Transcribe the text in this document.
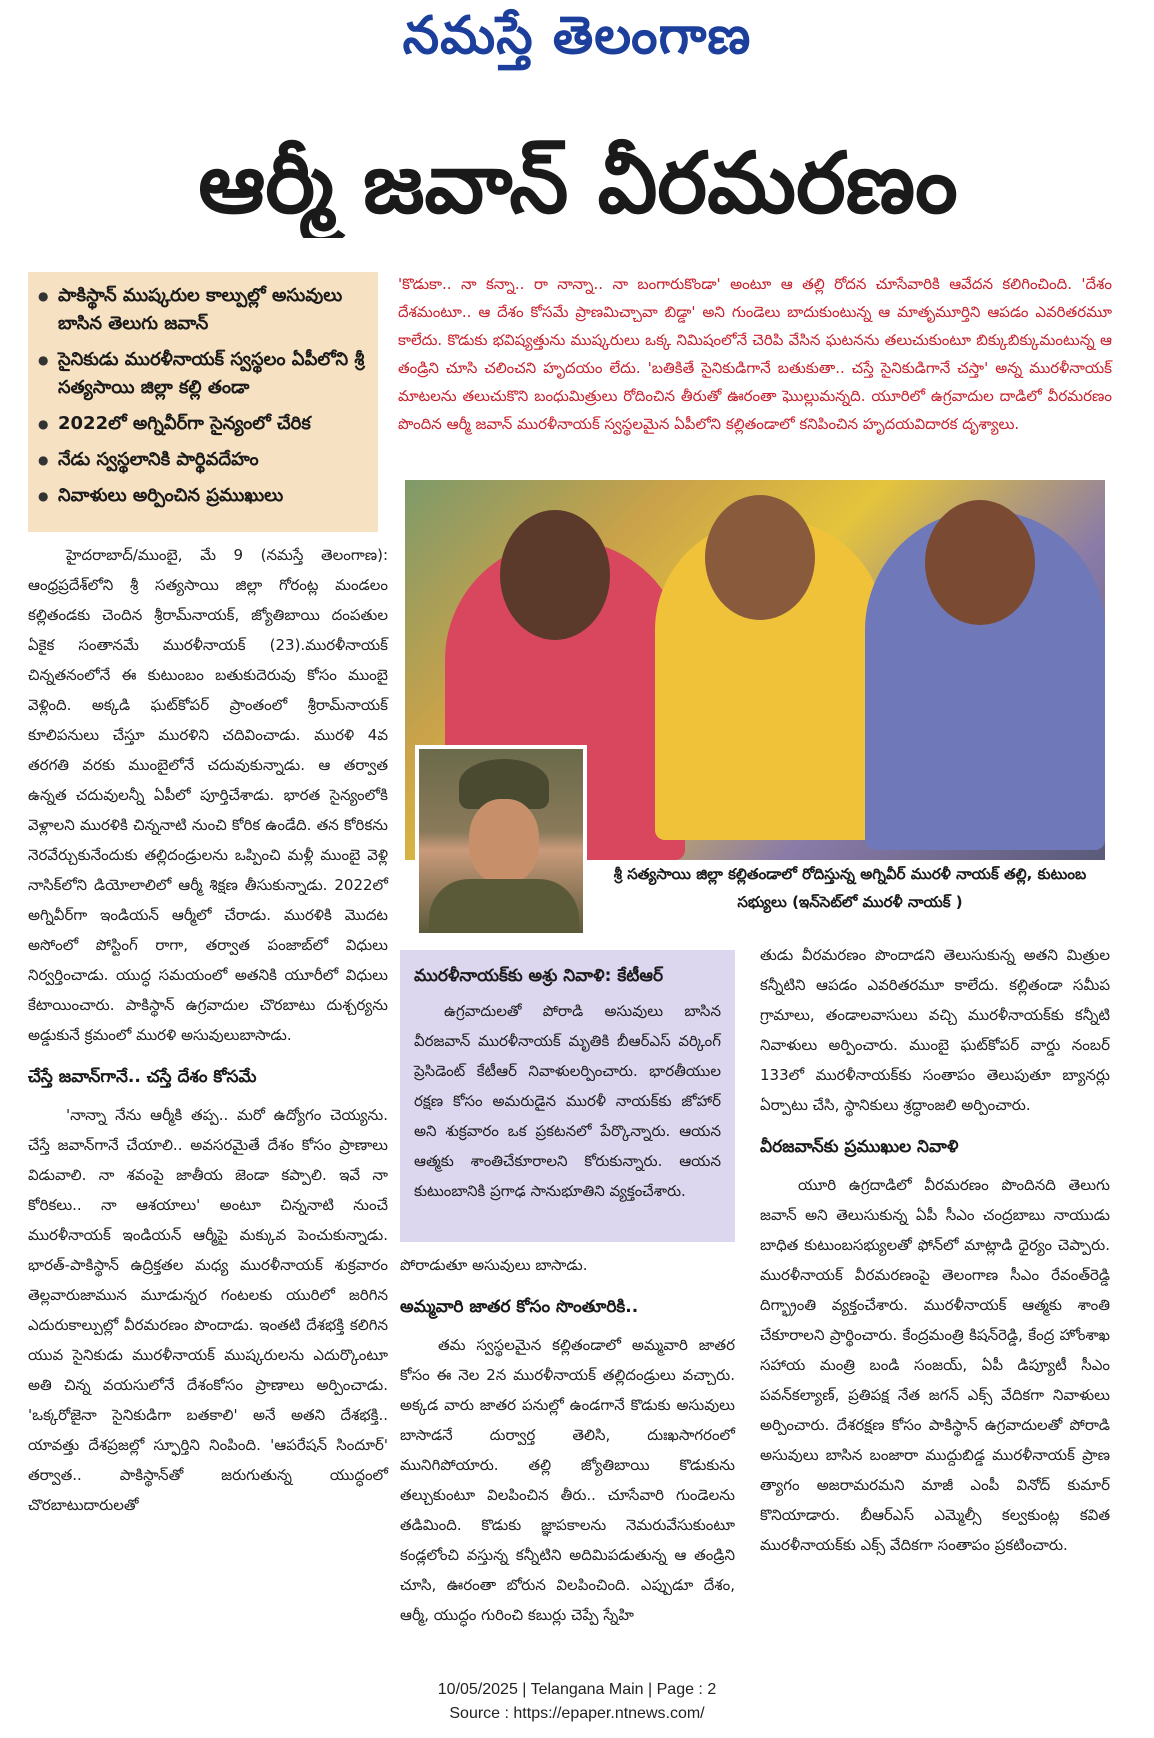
నమస్తే తెలంగాణ
ఆర్మీ జవాన్ వీరమరణం
● పాకిస్థాన్ ముష్కరుల కాల్పుల్లో అసువులు బాసిన తెలుగు జవాన్
● సైనికుడు మురళీనాయక్ స్వస్థలం ఏపీలోని శ్రీ సత్యసాయి జిల్లా కల్లి తండా
● 2022లో అగ్నివీర్‌గా సైన్యంలో చేరిక
● నేడు స్వస్థలానికి పార్థివదేహం
● నివాళులు అర్పించిన ప్రముఖులు
'కొడుకా.. నా కన్నా.. రా నాన్నా.. నా బంగారుకొండా' అంటూ ఆ తల్లి రోదన చూసేవారికి ఆవేదన కలిగించింది. 'దేశం దేశమంటూ.. ఆ దేశం కోసమే ప్రాణమిచ్చావా బిడ్డా' అని గుండెలు బాదుకుంటున్న ఆ మాతృమూర్తిని ఆపడం ఎవరితరమూ కాలేదు. కొడుకు భవిష్యత్తును ముష్కరులు ఒక్క నిమిషంలోనే చెరిపి వేసిన ఘటనను తలుచుకుంటూ బిక్కుబిక్కుమంటున్న ఆ తండ్రిని చూసి చలించని హృదయం లేదు. 'బతికితే సైనికుడిగానే బతుకుతా.. చస్తే సైనికుడిగానే చస్తా' అన్న మురళీనాయక్ మాటలను తలుచుకొని బంధుమిత్రులు రోదించిన తీరుతో ఊరంతా ఘొల్లుమన్నది. యూరిలో ఉగ్రవాదుల దాడిలో వీరమరణం పొందిన ఆర్మీ జవాన్ మురళీనాయక్ స్వస్థలమైన ఏపీలోని కల్లితండాలో కనిపించిన హృదయవిదారక దృశ్యాలు.
శ్రీ సత్యసాయి జిల్లా కల్లితండాలో రోదిస్తున్న అగ్నివీర్ మురళీ నాయక్ తల్లి, కుటుంబ సభ్యులు (ఇన్‌సెట్‌లో మురళీ నాయక్ )
హైదరాబాద్/ముంబై, మే 9 (నమస్తే తెలంగాణ): ఆంధ్రప్రదేశ్‌లోని శ్రీ సత్యసాయి జిల్లా గోరంట్ల మండలం కల్లితండకు చెందిన శ్రీరామ్‌నాయక్, జ్యోతిబాయి దంపతుల ఏకైక సంతానమే మురళీనాయక్ (23).మురళీనాయక్ చిన్నతనంలోనే ఈ కుటుంబం బతుకుదెరువు కోసం ముంబై వెళ్లింది. అక్కడి ఘట్‌కోపర్ ప్రాంతంలో శ్రీరామ్‌నాయక్ కూలిపనులు చేస్తూ మురళిని చదివించాడు. మురళి 4వ తరగతి వరకు ముంబైలోనే చదువుకున్నాడు. ఆ తర్వాత ఉన్నత చదువులన్నీ ఏపీలో పూర్తిచేశాడు. భారత సైన్యంలోకి వెళ్లాలని మురళికి చిన్ననాటి నుంచి కోరిక ఉండేది. తన కోరికను నెరవేర్చుకునేందుకు తల్లిదండ్రులను ఒప్పించి మళ్లీ ముంబై వెళ్లి నాసిక్‌లోని డియోలాలిలో ఆర్మీ శిక్షణ తీసుకున్నాడు. 2022లో అగ్నివీర్‌గా ఇండియన్ ఆర్మీలో చేరాడు. మురళికి మొదట అసోంలో పోస్టింగ్ రాగా, తర్వాత పంజాబ్‌లో విధులు నిర్వర్తించాడు. యుద్ధ సమయంలో అతనికి యూరీలో విధులు కేటాయించారు. పాకిస్థాన్ ఉగ్రవాదుల చొరబాటు దుశ్చర్యను అడ్డుకునే క్రమంలో మురళి అసువులుబాసాడు.
చేస్తే జవాన్‌గానే.. చస్తే దేశం కోసమే
'నాన్నా నేను ఆర్మీకి తప్ప.. మరో ఉద్యోగం చెయ్యను. చేస్తే జవాన్‌గానే చేయాలి.. అవసరమైతే దేశం కోసం ప్రాణాలు విడువాలి. నా శవంపై జాతీయ జెండా కప్పాలి. ఇవే నా కోరికలు.. నా ఆశయాలు' అంటూ చిన్ననాటి నుంచే మురళీనాయక్ ఇండియన్ ఆర్మీపై మక్కువ పెంచుకున్నాడు. భారత్-పాకిస్థాన్ ఉద్రిక్తతల మధ్య మురళీనాయక్ శుక్రవారం తెల్లవారుజామున మూడున్నర గంటలకు యురిలో జరిగిన ఎదురుకాల్పుల్లో వీరమరణం పొందాడు. ఇంతటి దేశభక్తి కలిగిన యువ సైనికుడు మురళీనాయక్ ముష్కరులను ఎదుర్కొంటూ అతి చిన్న వయసులోనే దేశంకోసం ప్రాణాలు అర్పించాడు. 'ఒక్కరోజైనా సైనికుడిగా బతకాలి' అనే అతని దేశభక్తి.. యావత్తు దేశప్రజల్లో స్ఫూర్తిని నింపింది. 'ఆపరేషన్ సిందూర్' తర్వాత.. పాకిస్థాన్‌తో జరుగుతున్న యుద్ధంలో చొరబాటుదారులతో
మురళీనాయక్‌కు అశ్రు నివాళి: కేటీఆర్
ఉగ్రవాదులతో పోరాడి అసువులు బాసిన వీరజవాన్ మురళీనాయక్ మృతికి బీఆర్‌ఎస్ వర్కింగ్ ప్రెసిడెంట్ కేటీఆర్ నివాళులర్పించారు. భారతీయుల రక్షణ కోసం అమరుడైన మురళీ నాయక్‌కు జోహార్ అని శుక్రవారం ఒక ప్రకటనలో పేర్కొన్నారు. ఆయన ఆత్మకు శాంతిచేకూరాలని కోరుకున్నారు. ఆయన కుటుంబానికి ప్రగాఢ సానుభూతిని వ్యక్తంచేశారు.
పోరాడుతూ అసువులు బాసాడు.
అమ్మవారి జాతర కోసం సొంతూరికి..
తమ స్వస్థలమైన కల్లితండాలో అమ్మవారి జాతర కోసం ఈ నెల 2న మురళీనాయక్ తల్లిదండ్రులు వచ్చారు. అక్కడ వారు జాతర పనుల్లో ఉండగానే కొడుకు అసువులు బాసాడనే దుర్వార్త తెలిసి, దుఃఖసాగరంలో మునిగిపోయారు. తల్లి జ్యోతిబాయి కొడుకును తల్చుకుంటూ విలపించిన తీరు.. చూసేవారి గుండెలను తడిమింది. కొడుకు జ్ఞాపకాలను నెమరువేసుకుంటూ కండ్లలోంచి వస్తున్న కన్నీటిని అదిమిపడుతున్న ఆ తండ్రిని చూసి, ఊరంతా బోరున విలపించింది. ఎప్పుడూ దేశం, ఆర్మీ, యుద్ధం గురించి కబుర్లు చెప్పే స్నేహి
తుడు వీరమరణం పొందాడని తెలుసుకున్న అతని మిత్రుల కన్నీటిని ఆపడం ఎవరితరమూ కాలేదు. కల్లితండా సమీప గ్రామాలు, తండాలవాసులు వచ్చి మురళీనాయక్‌కు కన్నీటి నివాళులు అర్పించారు. ముంబై ఘట్‌కోపర్ వార్డు నంబర్ 133లో మురళీనాయక్‌కు సంతాపం తెలుపుతూ బ్యానర్లు ఏర్పాటు చేసి, స్థానికులు శ్రద్ధాంజలి అర్పించారు.
వీరజవాన్‌కు ప్రముఖుల నివాళి
యూరి ఉగ్రదాడిలో వీరమరణం పొందినది తెలుగు జవాన్ అని తెలుసుకున్న ఏపీ సీఎం చంద్రబాబు నాయుడు బాధిత కుటుంబసభ్యులతో ఫోన్‌లో మాట్లాడి ధైర్యం చెప్పారు. మురళీనాయక్ వీరమరణంపై తెలంగాణ సీఎం రేవంత్‌రెడ్డి దిగ్భ్రాంతి వ్యక్తంచేశారు. మురళీనాయక్ ఆత్మకు శాంతి చేకూరాలని ప్రార్థించారు. కేంద్రమంత్రి కిషన్‌రెడ్డి, కేంద్ర హోంశాఖ సహాయ మంత్రి బండి సంజయ్, ఏపీ డిప్యూటీ సీఎం పవన్‌కల్యాణ్, ప్రతిపక్ష నేత జగన్ ఎక్స్ వేదికగా నివాళులు అర్పించారు. దేశరక్షణ కోసం పాకిస్థాన్ ఉగ్రవాదులతో పోరాడి అసువులు బాసిన బంజారా ముద్దుబిడ్డ మురళీనాయక్ ప్రాణ త్యాగం అజరామరమని మాజీ ఎంపీ వినోద్ కుమార్ కొనియాడారు. బీఆర్‌ఎస్ ఎమ్మెల్సీ కల్వకుంట్ల కవిత మురళీనాయక్‌కు ఎక్స్ వేదికగా సంతాపం ప్రకటించారు.
10/05/2025 | Telangana Main | Page : 2
Source : https://epaper.ntnews.com/
